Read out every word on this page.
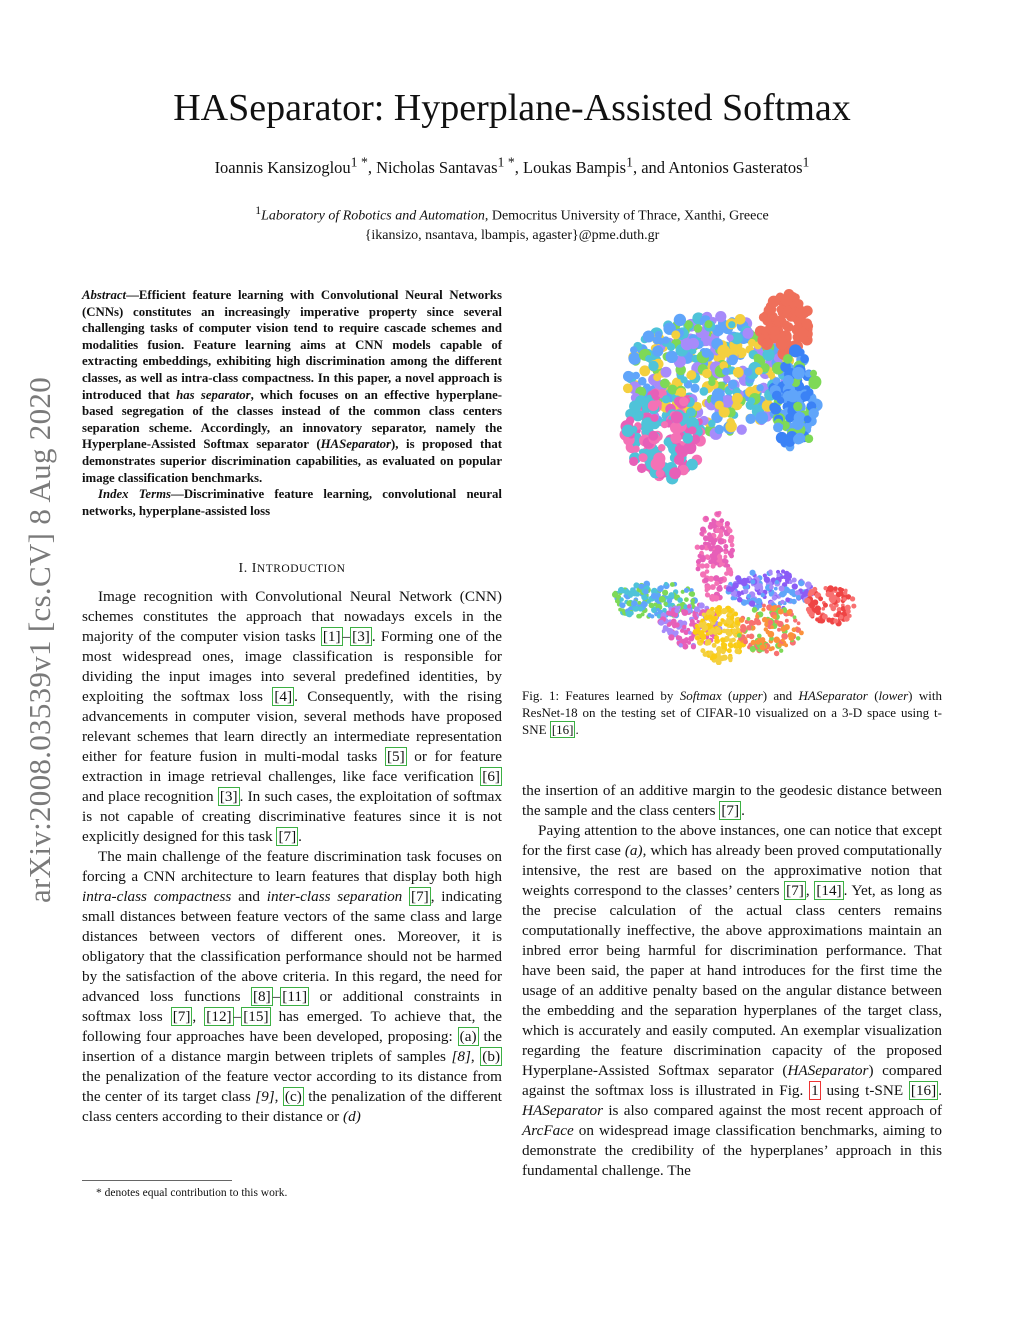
HASeparator: Hyperplane-Assisted Softmax
Ioannis Kansizoglou$^{1 *}$, Nicholas Santavas$^{1 *}$, Loukas Bampis$^1$, and Antonios Gasteratos$^1$
$^1$Laboratory of Robotics and Automation, Democritus University of Thrace, Xanthi, Greece
{ikansizo, nsantava, lbampis, agaster}@pme.duth.gr
arXiv:2008.03539v1 [cs.CV] 8 Aug 2020
Abstract—Efficient feature learning with Convolutional Neural Networks (CNNs) constitutes an increasingly imperative property since several challenging tasks of computer vision tend to require cascade schemes and modalities fusion. Feature learning aims at CNN models capable of extracting embeddings, exhibiting high discrimination among the different classes, as well as intra-class compactness. In this paper, a novel approach is introduced that has separator, which focuses on an effective hyperplane-based segregation of the classes instead of the common class centers separation scheme. Accordingly, an innovatory separator, namely the Hyperplane-Assisted Softmax separator (HASeparator), is proposed that demonstrates superior discrimination capabilities, as evaluated on popular image classification benchmarks.
Index Terms—Discriminative feature learning, convolutional neural networks, hyperplane-assisted loss
I. INTRODUCTION

Image recognition with Convolutional Neural Network (CNN) schemes constitutes the approach that nowadays excels in the majority of the computer vision tasks [1] – [3] . Forming one of the most widespread ones, image classification is responsible for dividing the input images into several predefined identities, by exploiting the softmax loss [4] . Consequently, with the rising advancements in computer vision, several methods have proposed relevant schemes that learn directly an intermediate representation either for feature fusion in multi-modal tasks [5] or for feature extraction in image retrieval challenges, like face verification [6] and place recognition [3] . In such cases, the exploitation of softmax is not capable of creating discriminative features since it is not explicitly designed for this task [7] .

The main challenge of the feature discrimination task focuses on forcing a CNN architecture to learn features that display both high intra-class compactness and inter-class separation [7] , indicating small distances between feature vectors of the same class and large distances between vectors of different ones. Moreover, it is obligatory that the classification performance should not be harmed by the satisfaction of the above criteria. In this regard, the need for advanced loss functions [8] – [11] or additional constraints in softmax loss [7] , [12] – [15] has emerged. To achieve that, the following four approaches have been developed, proposing: (a) the insertion of a distance margin between triplets of samples [8], (b) the penalization of the feature vector according to its distance from the center of its target class [9], (c) the penalization of the different class centers according to their distance or (d)

* denotes equal contribution to this work.
Fig. 1: Features learned by Softmax (upper) and HASeparator (lower) with ResNet-18 on the testing set of CIFAR-10 visualized on a 3-D space using t-SNE [16] .

the insertion of an additive margin to the geodesic distance between the sample and the class centers [7] .

Paying attention to the above instances, one can notice that except for the first case (a), which has already been proved computationally intensive, the rest are based on the approximative notion that weights correspond to the classes’ centers [7] , [14] . Yet, as long as the precise calculation of the actual class centers remains computationally ineffective, the above approximations maintain an inbred error being harmful for discrimination performance. That have been said, the paper at hand introduces for the first time the usage of an additive penalty based on the angular distance between the embedding and the separation hyperplanes of the target class, which is accurately and easily computed. An exemplar visualization regarding the feature discrimination capacity of the proposed Hyperplane-Assisted Softmax separator (HASeparator) compared against the softmax loss is illustrated in Fig. 1 using t-SNE [16] . HASeparator is also compared against the most recent approach of ArcFace on widespread image classification benchmarks, aiming to demonstrate the credibility of the hyperplanes’ approach in this fundamental challenge. The
